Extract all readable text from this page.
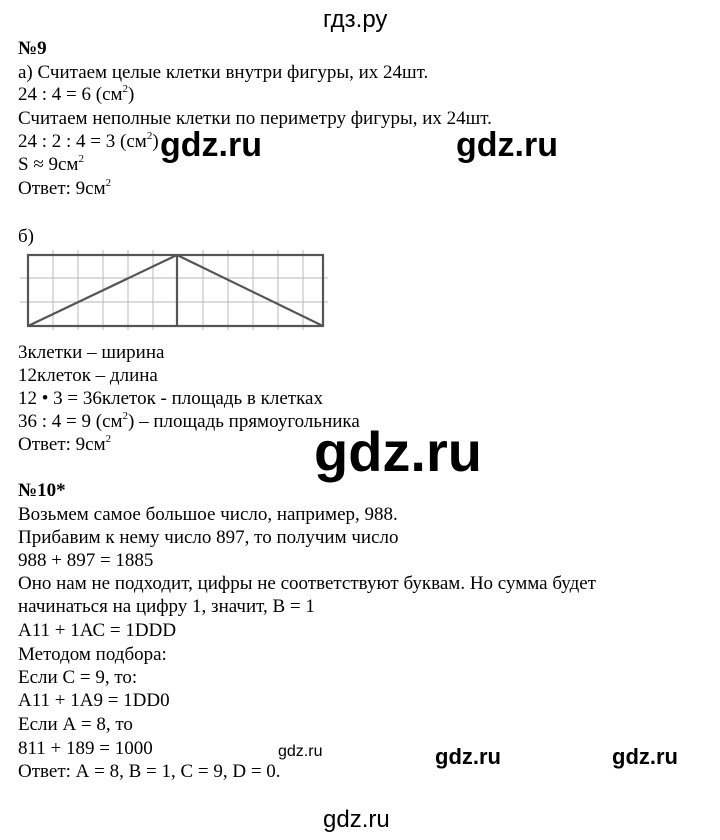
гдз.ру
№9
а) Считаем целые клетки внутри фигуры, их 24шт.
24 : 4 = 6 $(см^2)$
Считаем неполные клетки по периметру фигуры, их 24шт.
24 : 2 : 4 = 3 $(см^2)$
$S \approx 9см^2$
Ответ: $9см^2$
gdz.ru	gdz.ru
б)
3клетки – ширина
12клеток – длина
12 • 3 = 36клеток - площадь в клетках
36 : 4 = 9 $(см^2)$ – площадь прямоугольника
Ответ: $9см^2$	gdz.ru
№10*
Возьмем самое большое число, например, 988.
Прибавим к нему число 897, то получим число
988 + 897 = 1885
Оно нам не подходит, цифры не соответствуют буквам. Но сумма будет
начинаться на цифру 1, значит, В = 1
А11 + 1АС = 1DDD
Методом подбора:
Если С = 9, то:
А11 + 1А9 = 1DD0
Если А = 8, то
811 + 189 = 1000
Ответ: А = 8, В = 1, С = 9, D = 0.
gdz.ru	gdz.ru	gdz.ru
gdz.ru
